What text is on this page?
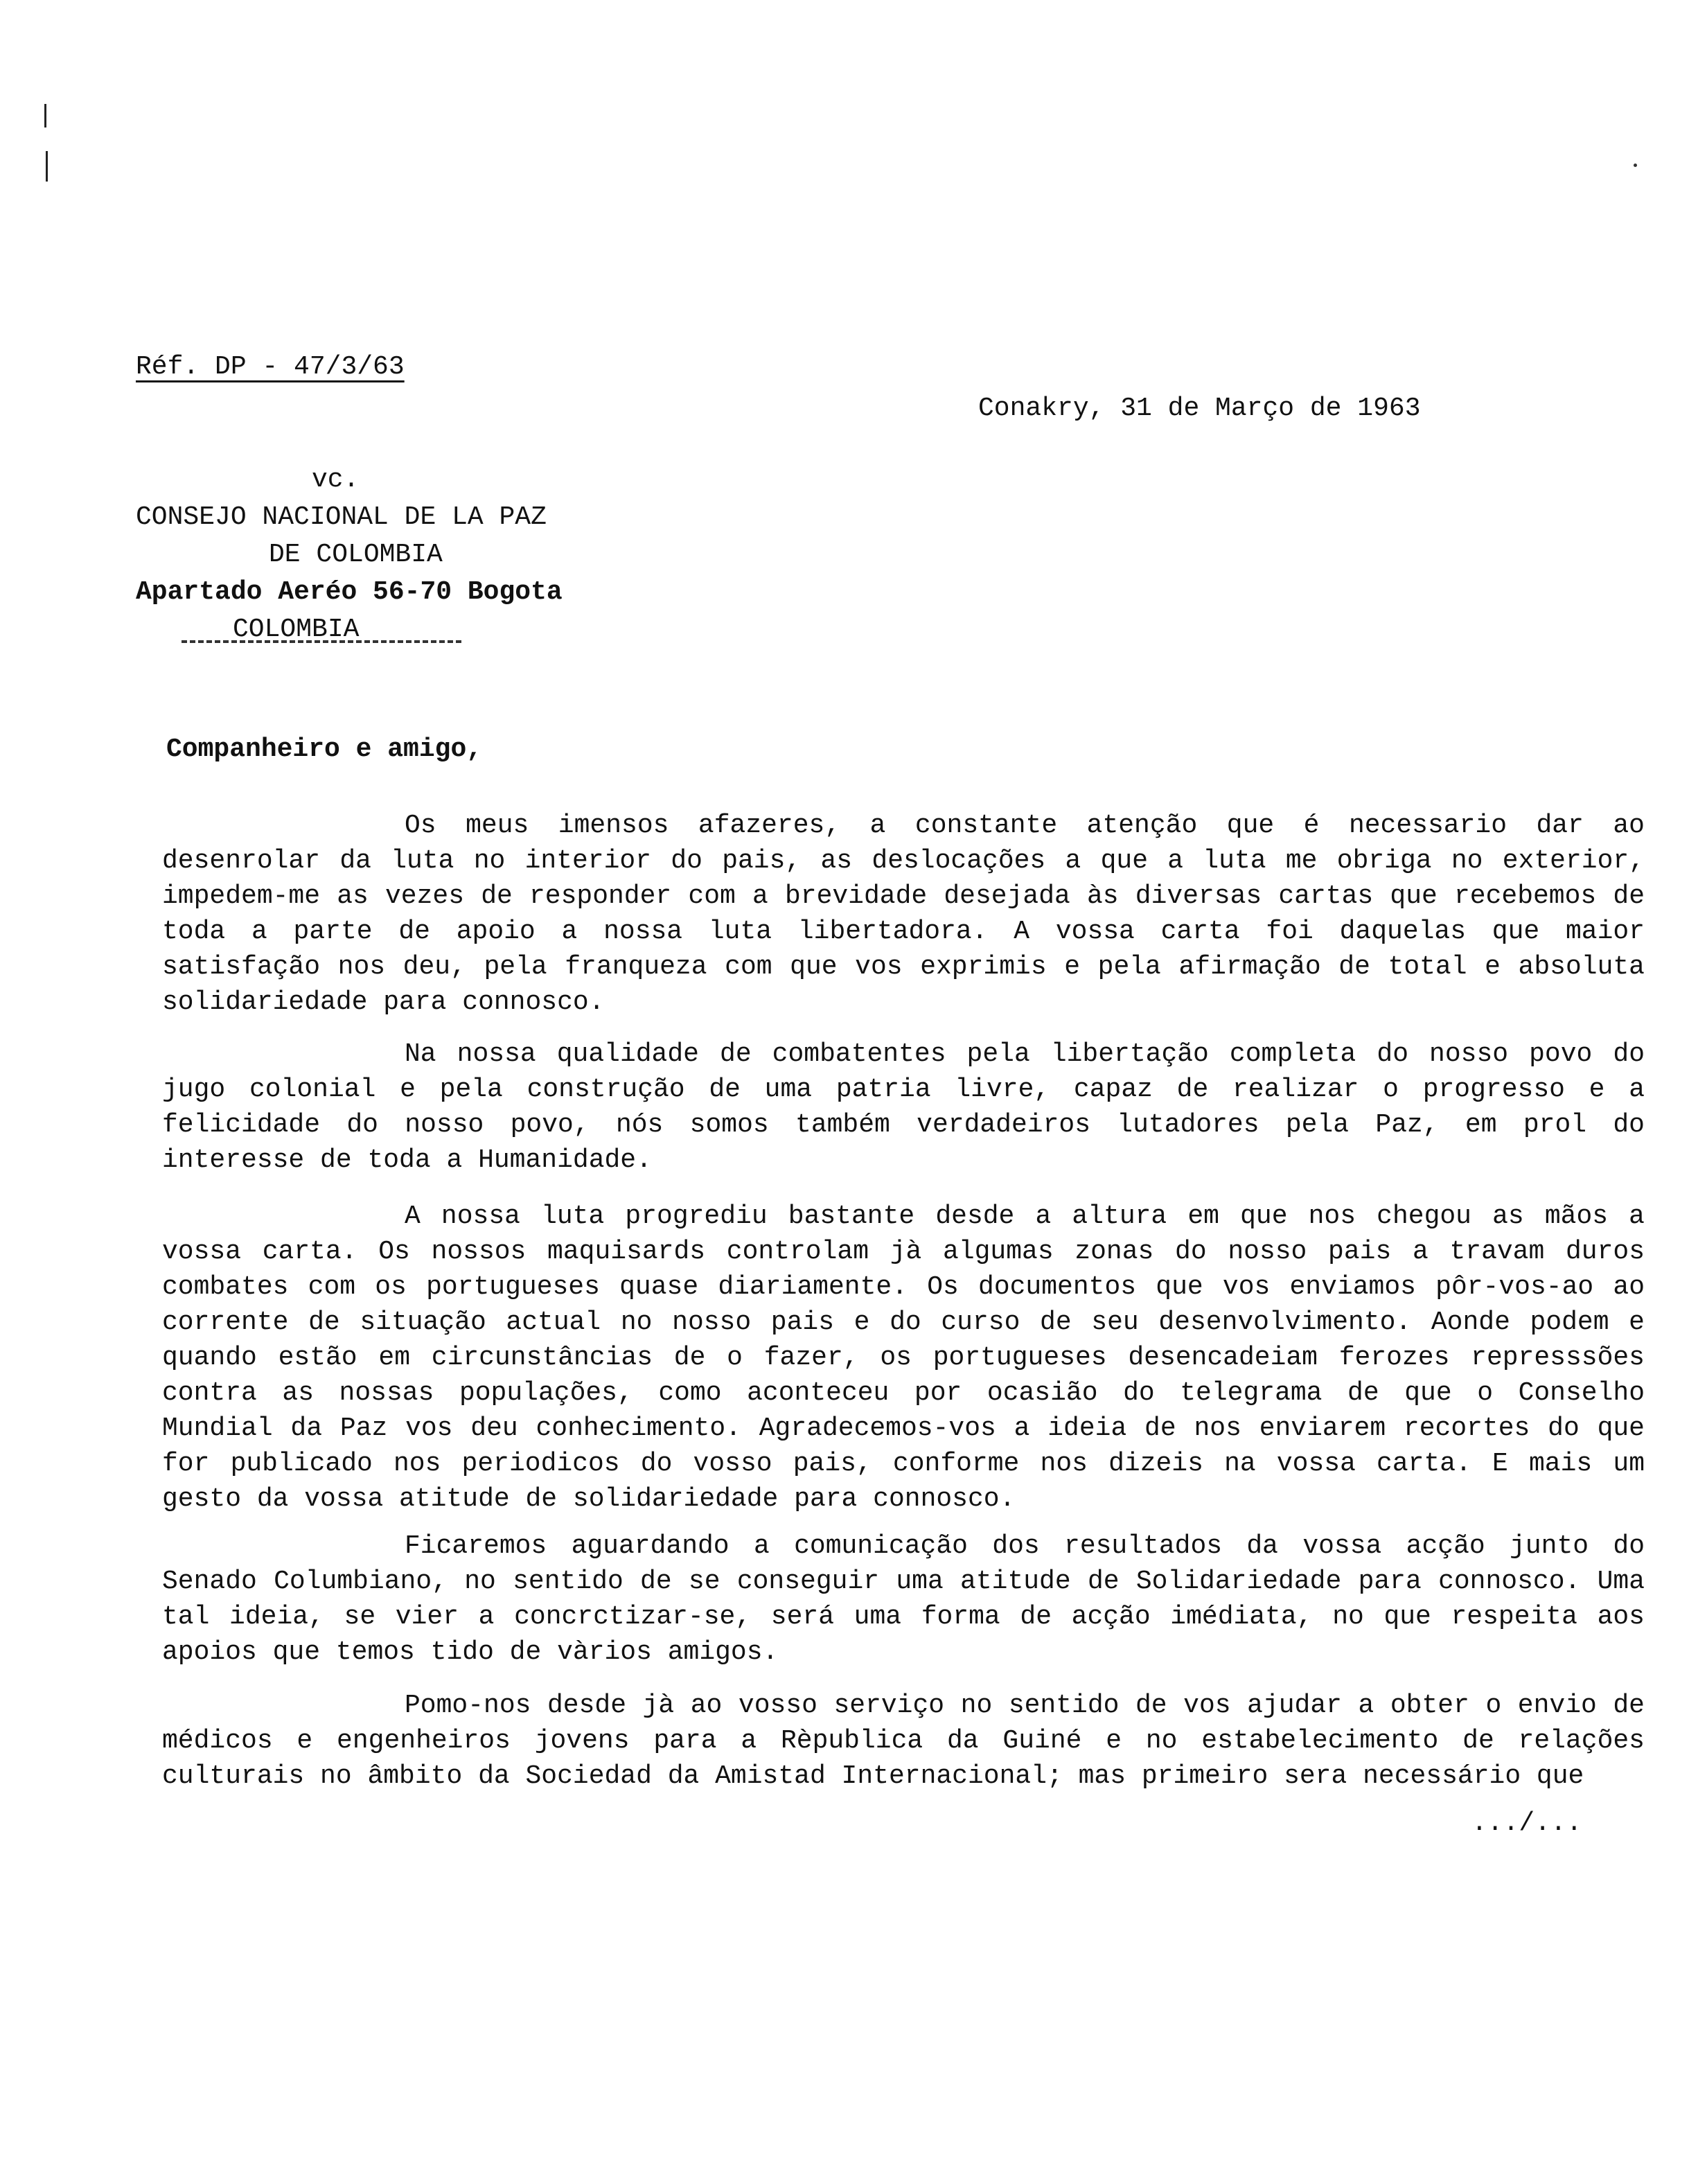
Réf. DP - 47/3/63
Conakry, 31 de Março de 1963
vc.
CONSEJO NACIONAL DE LA PAZ
DE COLOMBIA
Apartado Aeréo 56-70 Bogota
COLOMBIA
Companheiro e amigo,
Os meus imensos afazeres, a constante atenção que é necessario dar ao desenrolar da luta no interior do pais, as deslocações a que a luta me obriga no exterior, impedem-me as vezes de responder com a brevidade desejada às diversas cartas que recebemos de toda a parte de apoio a nossa luta libertadora. A vossa carta foi daquelas que maior satisfação nos deu, pela franqueza com que vos exprimis e pela afirmação de total e absoluta solidariedade para connosco.
Na nossa qualidade de combatentes pela libertação completa do nosso povo do jugo colonial e pela construção de uma patria livre, capaz de realizar o progresso e a felicidade do nosso povo, nós somos também verdadeiros lutadores pela Paz, em prol do interesse de toda a Humanidade.
A nossa luta progrediu bastante desde a altura em que nos chegou as mãos a vossa carta. Os nossos maquisards controlam jà algumas zonas do nosso pais a travam duros combates com os portugueses quase diariamente. Os documentos que vos enviamos pôr-vos-ao ao corrente de situação actual no nosso pais e do curso de seu desenvolvimento. Aonde podem e quando estão em circunstâncias de o fazer, os portugueses desencadeiam ferozes represssões contra as nossas populações, como aconteceu por ocasião do telegrama de que o Conselho Mundial da Paz vos deu conhecimento. Agradecemos-vos a ideia de nos enviarem recortes do que for publicado nos periodicos do vosso pais, conforme nos dizeis na vossa carta. E mais um gesto da vossa atitude de solidariedade para connosco.
Ficaremos aguardando a comunicação dos resultados da vossa acção junto do Senado Columbiano, no sentido de se conseguir uma atitude de Solidariedade para connosco. Uma tal ideia, se vier a concrctizar-se, será uma forma de acção imédiata, no que respeita aos apoios que temos tido de vàrios amigos.
Pomo-nos desde jà ao vosso serviço no sentido de vos ajudar a obter o envio de médicos e engenheiros jovens para a Rèpublica da Guiné e no estabelecimento de relações culturais no âmbito da Sociedad da Amistad Internacional; mas primeiro sera necessário que
.../...
